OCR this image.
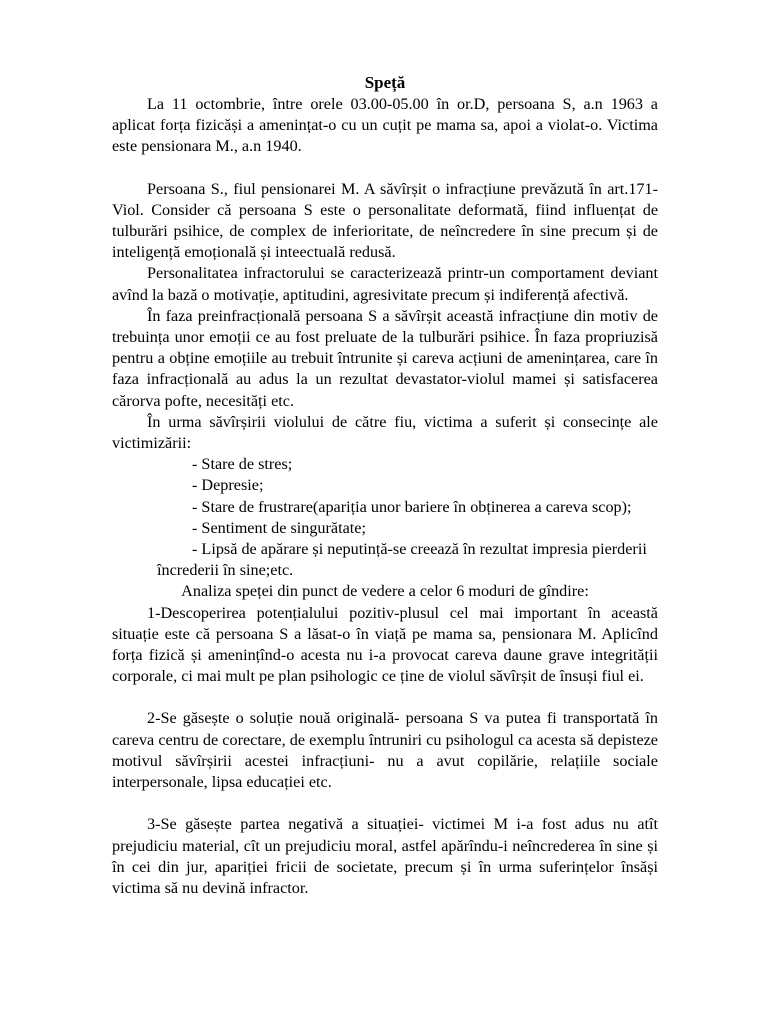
Speță

La 11 octombrie, între orele 03.00-05.00 în or.D, persoana S, a.n 1963 a aplicat forța fizicăși a amenințat-o cu un cuțit pe mama sa, apoi a violat-o. Victima este pensionara M., a.n 1940.

Persoana S., fiul pensionarei M. A săvîrșit o infracțiune prevăzută în art.171- Viol. Consider că persoana S este o personalitate deformată, fiind influențat de tulburări psihice, de complex de inferioritate, de neîncredere în sine precum și de inteligență emoțională și inteectuală redusă.

Personalitatea infractorului se caracterizează printr-un comportament deviant avînd la bază o motivație, aptitudini, agresivitate precum și indiferență afectivă.

În faza preinfracțională persoana S a săvîrșit această infracțiune din motiv de trebuința unor emoții ce au fost preluate de la tulburări psihice. În faza propriuzisă pentru a obține emoțiile au trebuit întrunite și careva acțiuni de amenințarea, care în faza infracțională au adus la un rezultat devastator-violul mamei și satisfacerea cărorva pofte, necesități etc.

În urma săvîrșirii violului de către fiu, victima a suferit și consecințe ale victimizării:

- Stare de stres;
- Depresie;
- Stare de frustrare(apariția unor bariere în obținerea a careva scop);
- Sentiment de singurătate;
- Lipsă de apărare și neputință-se creează în rezultat impresia pierderii
încrederii în sine;etc.

Analiza speței din punct de vedere a celor 6 moduri de gîndire:

1-Descoperirea potențialului pozitiv-plusul cel mai important în această situație este că persoana S a lăsat-o în viață pe mama sa, pensionara M. Aplicînd forța fizică și amenințînd-o acesta nu i-a provocat careva daune grave integrității corporale, ci mai mult pe plan psihologic ce ține de violul săvîrșit de însuși fiul ei.

2-Se găsește o soluție nouă originală- persoana S va putea fi transportată în careva centru de corectare, de exemplu întruniri cu psihologul ca acesta să depisteze motivul săvîrșirii acestei infracțiuni- nu a avut copilărie, relațiile sociale interpersonale, lipsa educației etc.

3-Se găsește partea negativă a situației- victimei M i-a fost adus nu atît prejudiciu material, cît un prejudiciu moral, astfel apărîndu-i neîncrederea în sine și în cei din jur, apariției fricii de societate, precum și în urma suferințelor însăși victima să nu devină infractor.
